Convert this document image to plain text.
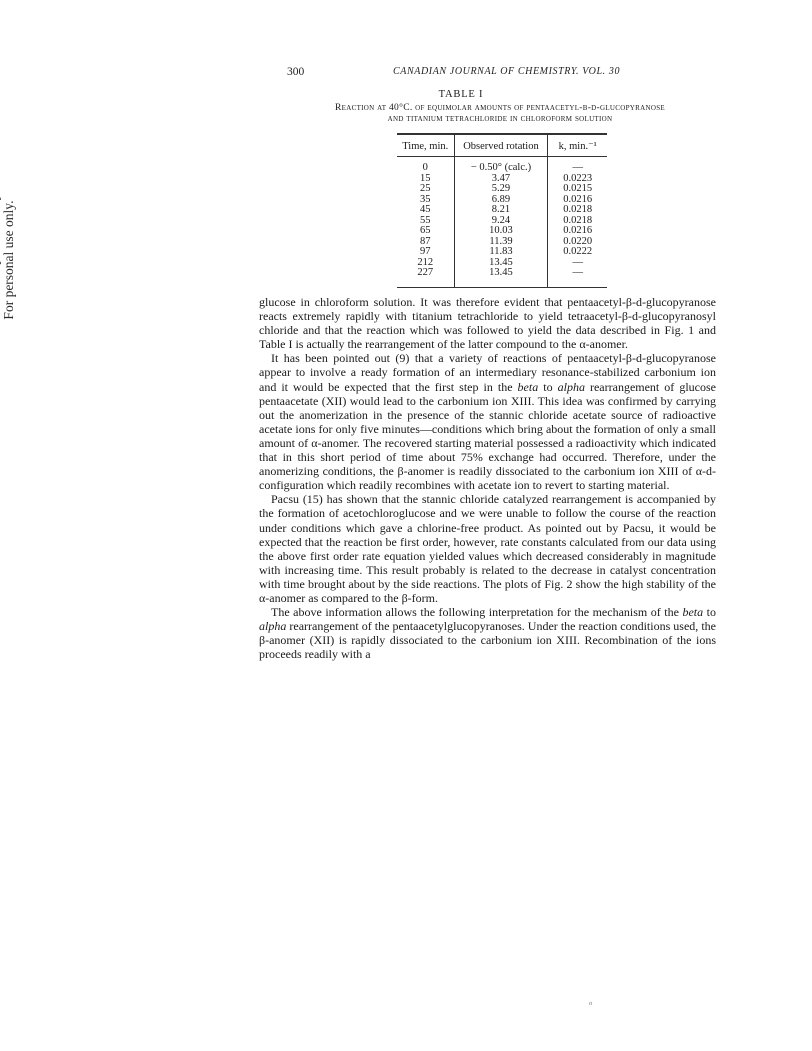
For personal use only.
300	CANADIAN JOURNAL OF CHEMISTRY. VOL. 30
TABLE I
Reaction at 40°C. of equimolar amounts of pentaacetyl-β-d-glucopyranose
and titanium tetrachloride in chloroform solution
Time, min.	Observed rotation	k, min.⁻¹
0	− 0.50° (calc.)	—
15	3.47	0.0223
25	5.29	0.0215
35	6.89	0.0216
45	8.21	0.0218
55	9.24	0.0218
65	10.03	0.0216
87	11.39	0.0220
97	11.83	0.0222
212	13.45	—
227	13.45	—

glucose in chloroform solution. It was therefore evident that pentaacetyl-β-d-glucopyranose reacts extremely rapidly with titanium tetrachloride to yield tetraacetyl-β-d-glucopyranosyl chloride and that the reaction which was followed to yield the data described in Fig. 1 and Table I is actually the rearrangement of the latter compound to the α-anomer.

It has been pointed out (9) that a variety of reactions of pentaacetyl-β-d-glucopyranose appear to involve a ready formation of an intermediary resonance-stabilized carbonium ion and it would be expected that the first step in the beta to alpha rearrangement of glucose pentaacetate (XII) would lead to the carbonium ion XIII. This idea was confirmed by carrying out the anomerization in the presence of the stannic chloride acetate source of radioactive acetate ions for only five minutes—conditions which bring about the formation of only a small amount of α-anomer. The recovered starting material possessed a radioactivity which indicated that in this short period of time about 75% exchange had occurred. Therefore, under the anomerizing conditions, the β-anomer is readily dissociated to the carbonium ion XIII of α-d-configuration which readily recombines with acetate ion to revert to starting material.

Pacsu (15) has shown that the stannic chloride catalyzed rearrangement is accompanied by the formation of acetochloroglucose and we were unable to follow the course of the reaction under conditions which gave a chlorine-free product. As pointed out by Pacsu, it would be expected that the reaction be first order, however, rate constants calculated from our data using the above first order rate equation yielded values which decreased considerably in magnitude with increasing time. This result probably is related to the decrease in catalyst concentration with time brought about by the side reactions. The plots of Fig. 2 show the high stability of the α-anomer as compared to the β-form.

The above information allows the following interpretation for the mechanism of the beta to alpha rearrangement of the pentaacetylglucopyranoses. Under the reaction conditions used, the β-anomer (XII) is rapidly dissociated to the carbonium ion XIII. Recombination of the ions proceeds readily with a

σ
